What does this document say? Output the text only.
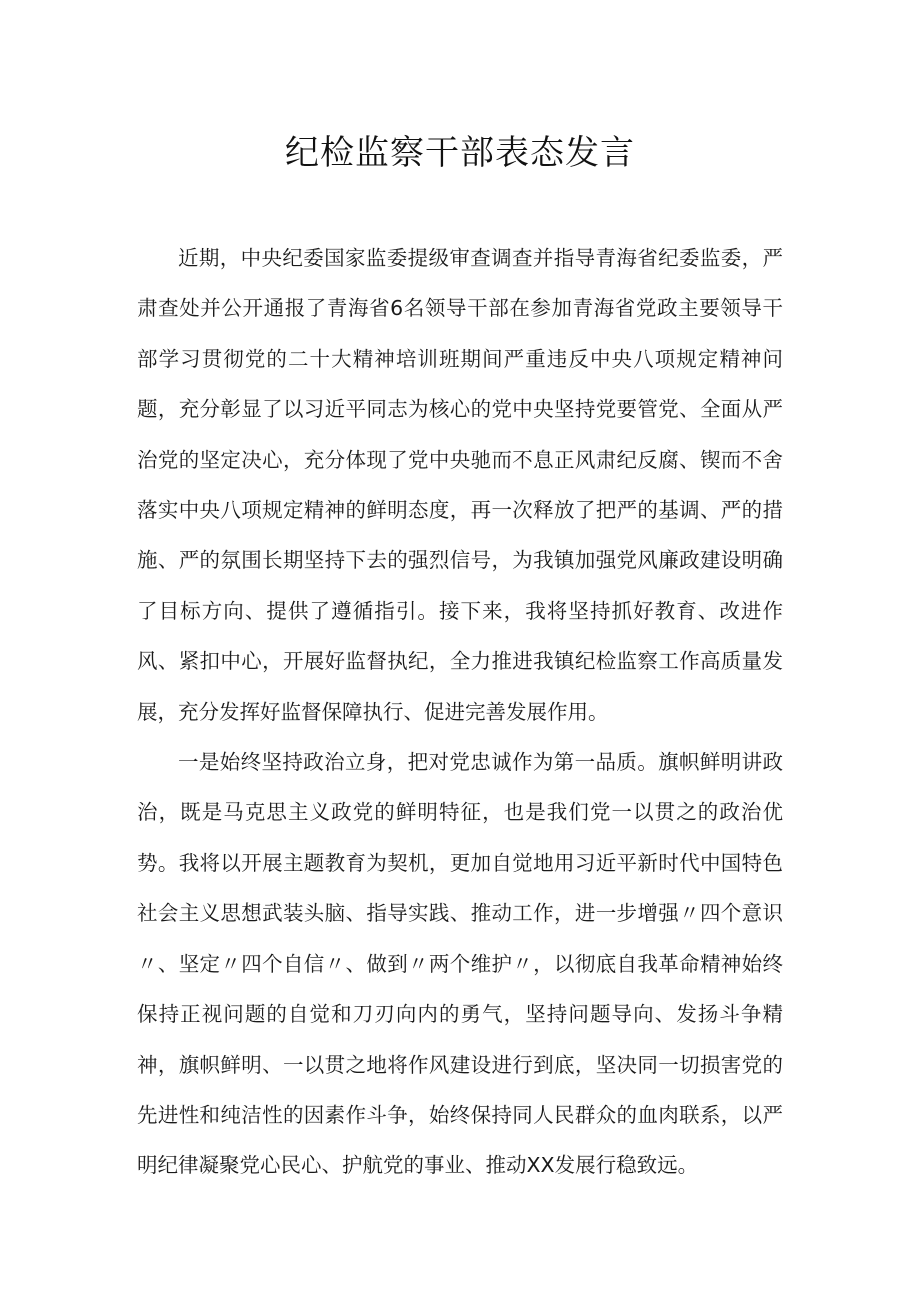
纪检监察干部表态发言

近期，中央纪委国家监委提级审查调查并指导青海省纪委监委，严肃查处并公开通报了青海省6名领导干部在参加青海省党政主要领导干部学习贯彻党的二十大精神培训班期间严重违反中央八项规定精神问题，充分彰显了以习近平同志为核心的党中央坚持党要管党、全面从严治党的坚定决心，充分体现了党中央驰而不息正风肃纪反腐、锲而不舍落实中央八项规定精神的鲜明态度，再一次释放了把严的基调、严的措施、严的氛围长期坚持下去的强烈信号，为我镇加强党风廉政建设明确了目标方向、提供了遵循指引。接下来，我将坚持抓好教育、改进作风、紧扣中心，开展好监督执纪，全力推进我镇纪检监察工作高质量发展，充分发挥好监督保障执行、促进完善发展作用。

一是始终坚持政治立身，把对党忠诚作为第一品质。旗帜鲜明讲政治，既是马克思主义政党的鲜明特征，也是我们党一以贯之的政治优势。我将以开展主题教育为契机，更加自觉地用习近平新时代中国特色社会主义思想武装头脑、指导实践、推动工作，进一步增强〃四个意识〃、坚定〃四个自信〃、做到〃两个维护〃，以彻底自我革命精神始终保持正视问题的自觉和刀刃向内的勇气，坚持问题导向、发扬斗争精神，旗帜鲜明、一以贯之地将作风建设进行到底，坚决同一切损害党的先进性和纯洁性的因素作斗争，始终保持同人民群众的血肉联系，以严明纪律凝聚党心民心、护航党的事业、推动XX发展行稳致远。
